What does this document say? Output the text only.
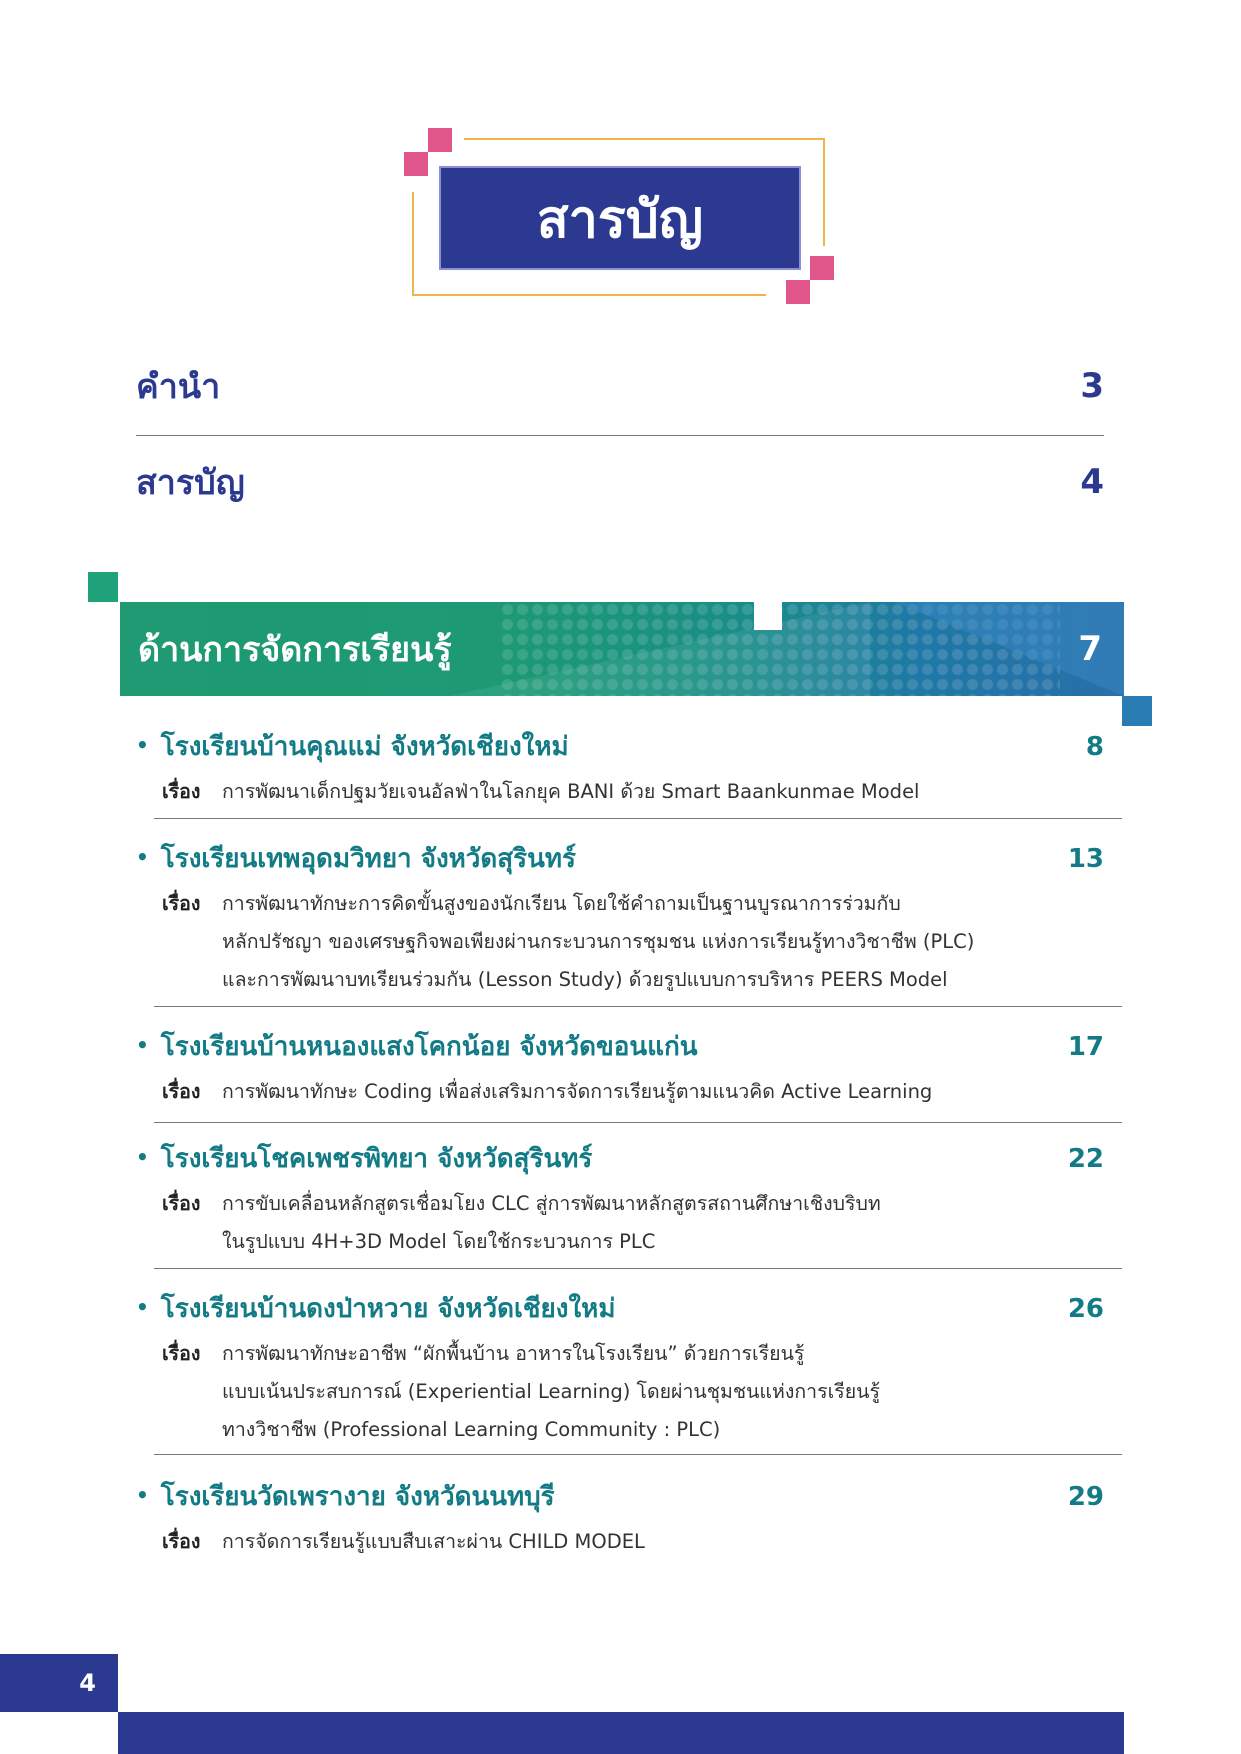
สารบัญ
คำนำ	3
สารบัญ	4
ด้านการจัดการเรียนรู้	7
• โรงเรียนบ้านคุณแม่ จังหวัดเชียงใหม่	8
เรื่อง	การพัฒนาเด็กปฐมวัยเจนอัลฟ่าในโลกยุค BANI ด้วย Smart Baankunmae Model
• โรงเรียนเทพอุดมวิทยา จังหวัดสุรินทร์	13
เรื่อง	การพัฒนาทักษะการคิดขั้นสูงของนักเรียน โดยใช้คำถามเป็นฐานบูรณาการร่วมกับ
หลักปรัชญา ของเศรษฐกิจพอเพียงผ่านกระบวนการชุมชน แห่งการเรียนรู้ทางวิชาชีพ (PLC)
และการพัฒนาบทเรียนร่วมกัน (Lesson Study) ด้วยรูปแบบการบริหาร PEERS Model
• โรงเรียนบ้านหนองแสงโคกน้อย จังหวัดขอนแก่น	17
เรื่อง	การพัฒนาทักษะ Coding เพื่อส่งเสริมการจัดการเรียนรู้ตามแนวคิด Active Learning
• โรงเรียนโชคเพชรพิทยา จังหวัดสุรินทร์	22
เรื่อง	การขับเคลื่อนหลักสูตรเชื่อมโยง CLC สู่การพัฒนาหลักสูตรสถานศึกษาเชิงบริบท
ในรูปแบบ 4H+3D Model โดยใช้กระบวนการ PLC
• โรงเรียนบ้านดงป่าหวาย จังหวัดเชียงใหม่	26
เรื่อง	การพัฒนาทักษะอาชีพ “ผักพื้นบ้าน อาหารในโรงเรียน” ด้วยการเรียนรู้
แบบเน้นประสบการณ์ (Experiential Learning) โดยผ่านชุมชนแห่งการเรียนรู้
ทางวิชาชีพ (Professional Learning Community : PLC)
• โรงเรียนวัดเพรางาย จังหวัดนนทบุรี	29
เรื่อง	การจัดการเรียนรู้แบบสืบเสาะผ่าน CHILD MODEL
4
